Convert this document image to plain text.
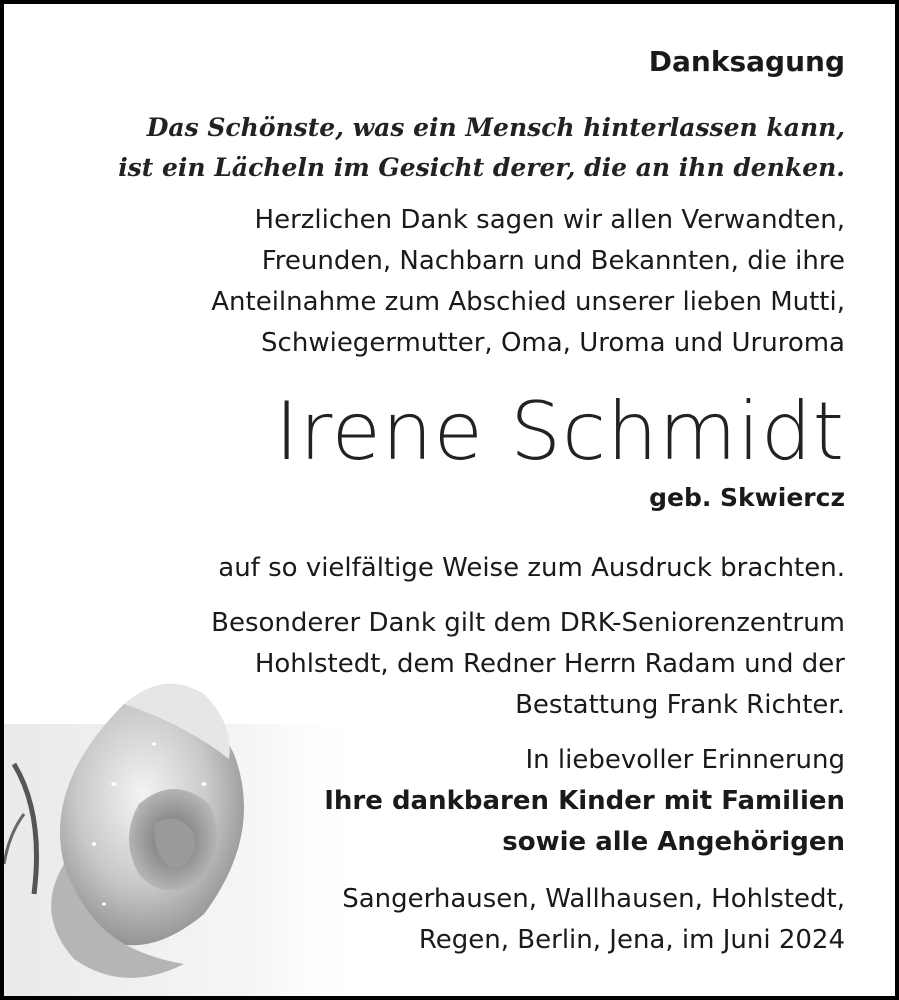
Danksagung
Das Schönste, was ein Mensch hinterlassen kann,
ist ein Lächeln im Gesicht derer, die an ihn denken.
Herzlichen Dank sagen wir allen Verwandten,
Freunden, Nachbarn und Bekannten, die ihre
Anteilnahme zum Abschied unserer lieben Mutti,
Schwiegermutter, Oma, Uroma und Ururoma
Irene Schmidt
geb. Skwiercz
auf so vielfältige Weise zum Ausdruck brachten.
Besonderer Dank gilt dem DRK-Seniorenzentrum
Hohlstedt, dem Redner Herrn Radam und der
Bestattung Frank Richter.
In liebevoller Erinnerung
Ihre dankbaren Kinder mit Familien
sowie alle Angehörigen
Sangerhausen, Wallhausen, Hohlstedt,
Regen, Berlin, Jena, im Juni 2024
